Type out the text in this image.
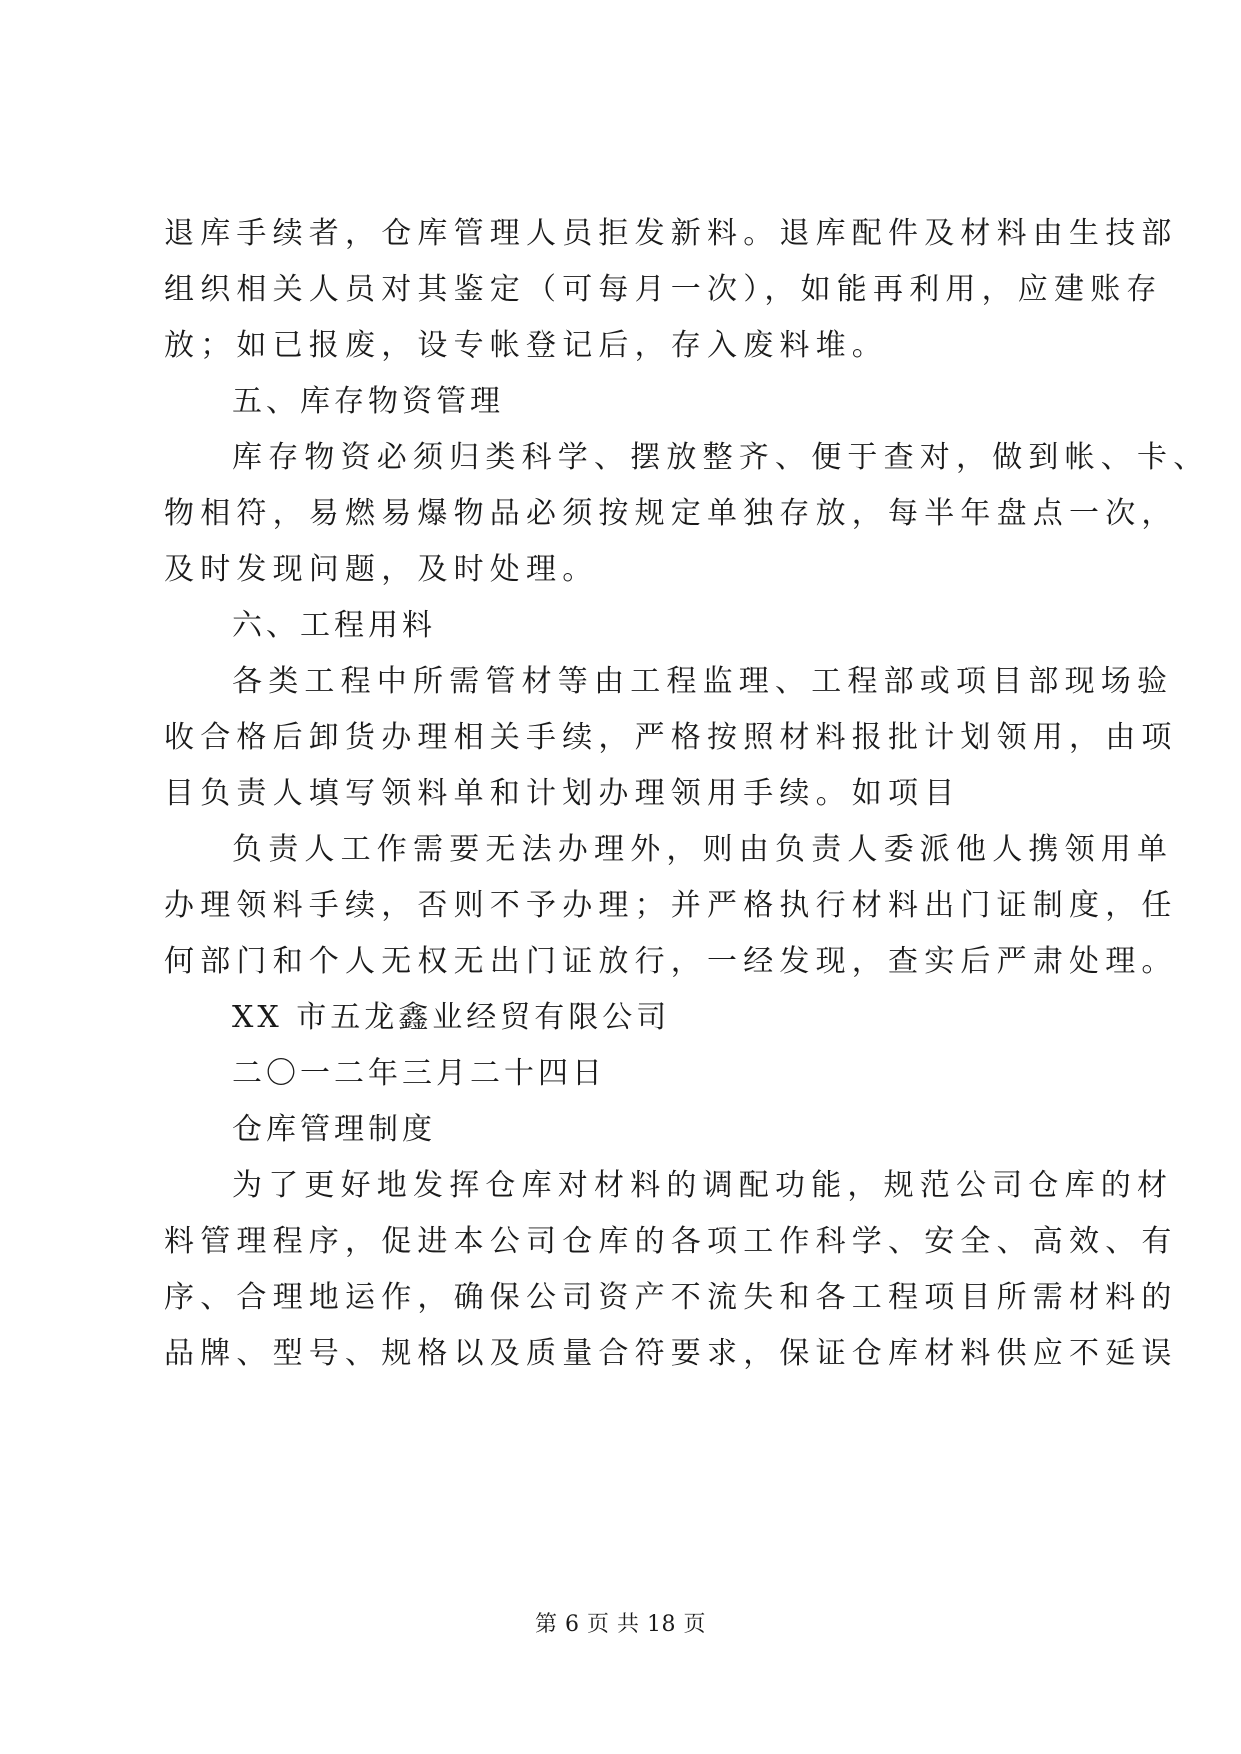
退库手续者，仓库管理人员拒发新料。退库配件及材料由生技部
组织相关人员对其鉴定（可每月一次），如能再利用，应建账存
放；如已报废，设专帐登记后，存入废料堆。
五、库存物资管理
库存物资必须归类科学、摆放整齐、便于查对，做到帐、卡、
物相符，易燃易爆物品必须按规定单独存放，每半年盘点一次，
及时发现问题，及时处理。
六、工程用料
各类工程中所需管材等由工程监理、工程部或项目部现场验
收合格后卸货办理相关手续，严格按照材料报批计划领用，由项
目负责人填写领料单和计划办理领用手续。如项目
负责人工作需要无法办理外，则由负责人委派他人携领用单
办理领料手续，否则不予办理；并严格执行材料出门证制度，任
何部门和个人无权无出门证放行，一经发现，查实后严肃处理。
XX 市五龙鑫业经贸有限公司
二〇一二年三月二十四日
仓库管理制度
为了更好地发挥仓库对材料的调配功能，规范公司仓库的材
料管理程序，促进本公司仓库的各项工作科学、安全、高效、有
序、合理地运作，确保公司资产不流失和各工程项目所需材料的
品牌、型号、规格以及质量合符要求，保证仓库材料供应不延误
第 6 页 共 18 页
